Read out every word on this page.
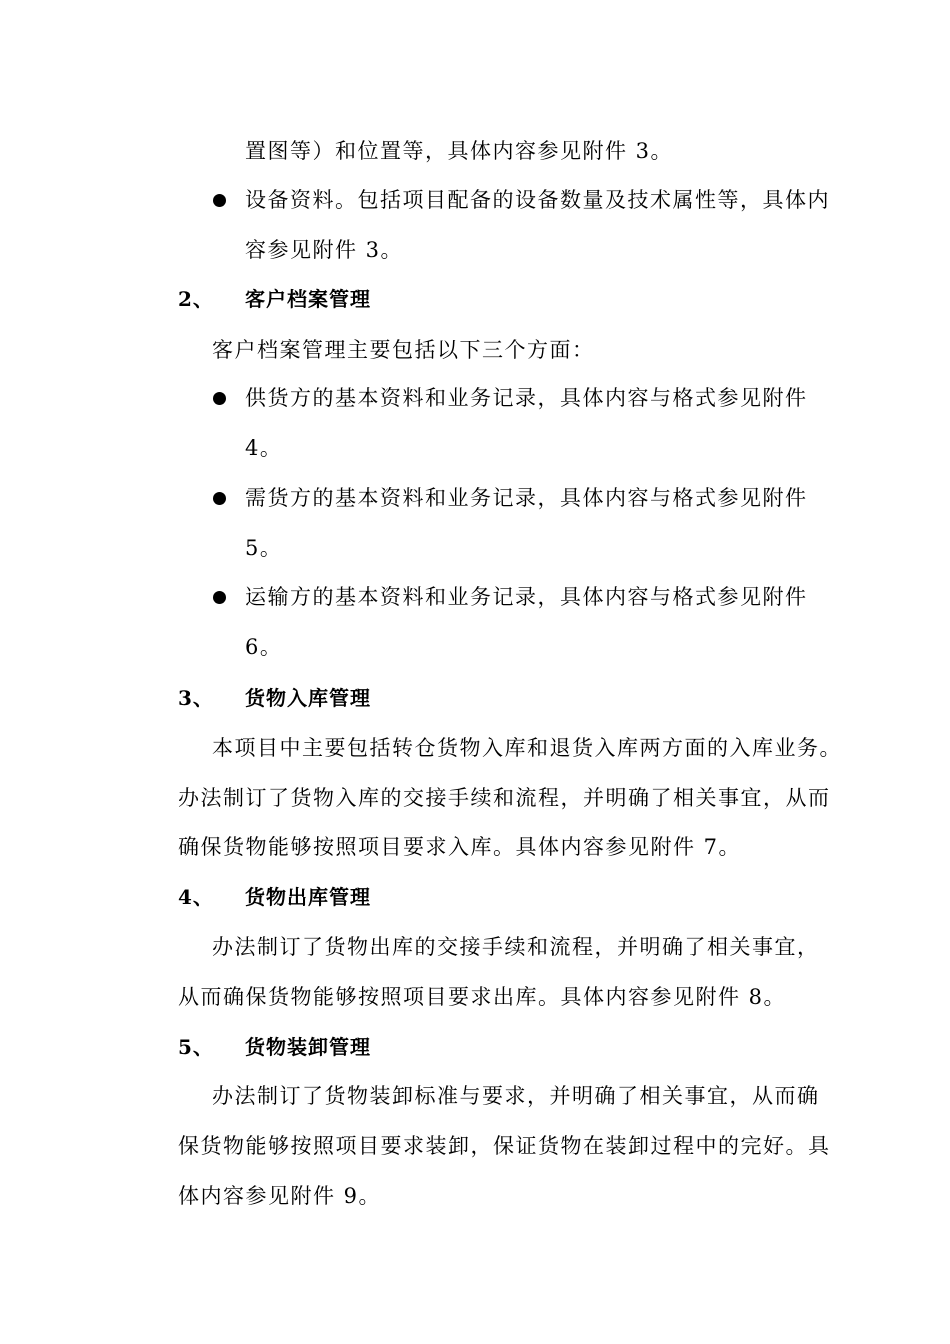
置图等）和位置等，具体内容参见附件 3。
设备资料。包括项目配备的设备数量及技术属性等，具体内
容参见附件 3。
2、 客户档案管理
客户档案管理主要包括以下三个方面：
供货方的基本资料和业务记录，具体内容与格式参见附件
4。
需货方的基本资料和业务记录，具体内容与格式参见附件
5。
运输方的基本资料和业务记录，具体内容与格式参见附件
6。
3、 货物入库管理
本项目中主要包括转仓货物入库和退货入库两方面的入库业务。
办法制订了货物入库的交接手续和流程，并明确了相关事宜，从而
确保货物能够按照项目要求入库。具体内容参见附件 7。
4、 货物出库管理
办法制订了货物出库的交接手续和流程，并明确了相关事宜，
从而确保货物能够按照项目要求出库。具体内容参见附件 8。
5、 货物装卸管理
办法制订了货物装卸标准与要求，并明确了相关事宜，从而确
保货物能够按照项目要求装卸，保证货物在装卸过程中的完好。具
体内容参见附件 9。
